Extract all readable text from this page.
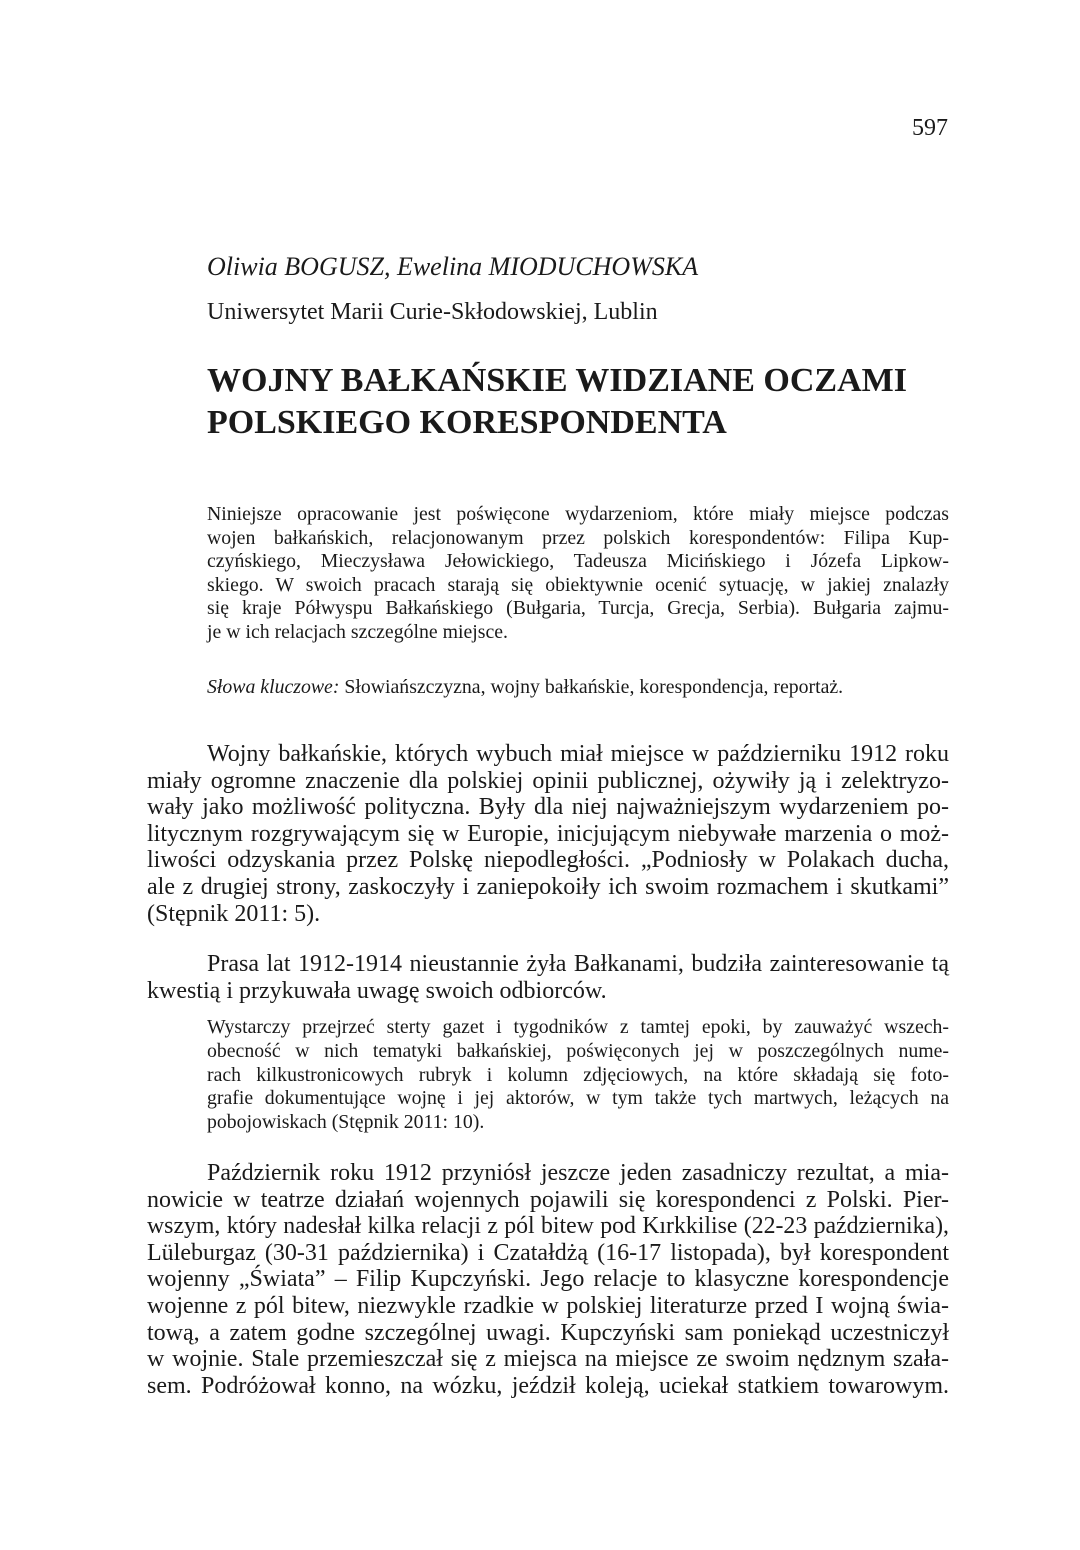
597
Oliwia BOGUSZ, Ewelina MIODUCHOWSKA
Uniwersytet Marii Curie-Skłodowskiej, Lublin
WOJNY BAŁKAŃSKIE WIDZIANE OCZAMI
POLSKIEGO KORESPONDENTA
Niniejsze opracowanie jest poświęcone wydarzeniom, które miały miejsce podczas
wojen bałkańskich, relacjonowanym przez polskich korespondentów: Filipa Kup-
czyńskiego, Mieczysława Jełowickiego, Tadeusza Micińskiego i Józefa Lipkow-
skiego. W swoich pracach starają się obiektywnie ocenić sytuację, w jakiej znalazły
się kraje Półwyspu Bałkańskiego (Bułgaria, Turcja, Grecja, Serbia). Bułgaria zajmu-
je w ich relacjach szczególne miejsce.
Słowa kluczowe: Słowiańszczyzna, wojny bałkańskie, korespondencja, reportaż.
Wojny bałkańskie, których wybuch miał miejsce w październiku 1912 roku
miały ogromne znaczenie dla polskiej opinii publicznej, ożywiły ją i zelektryzo-
wały jako możliwość polityczna. Były dla niej najważniejszym wydarzeniem po-
litycznym rozgrywającym się w Europie, inicjującym niebywałe marzenia o moż-
liwości odzyskania przez Polskę niepodległości. „Podniosły w Polakach ducha,
ale z drugiej strony, zaskoczyły i zaniepokoiły ich swoim rozmachem i skutkami”
(Stępnik 2011: 5).
Prasa lat 1912-1914 nieustannie żyła Bałkanami, budziła zainteresowanie tą
kwestią i przykuwała uwagę swoich odbiorców.
Wystarczy przejrzeć sterty gazet i tygodników z tamtej epoki, by zauważyć wszech-
obecność w nich tematyki bałkańskiej, poświęconych jej w poszczególnych nume-
rach kilkustronicowych rubryk i kolumn zdjęciowych, na które składają się foto-
grafie dokumentujące wojnę i jej aktorów, w tym także tych martwych, leżących na
pobojowiskach (Stępnik 2011: 10).
Październik roku 1912 przyniósł jeszcze jeden zasadniczy rezultat, a mia-
nowicie w teatrze działań wojennych pojawili się korespondenci z Polski. Pier-
wszym, który nadesłał kilka relacji z pól bitew pod Kırkkilise (22-23 października),
Lüleburgaz (30-31 października) i Czatałdżą (16-17 listopada), był korespondent
wojenny „Świata” – Filip Kupczyński. Jego relacje to klasyczne korespondencje
wojenne z pól bitew, niezwykle rzadkie w polskiej literaturze przed I wojną świa-
tową, a zatem godne szczególnej uwagi. Kupczyński sam poniekąd uczestniczył
w wojnie. Stale przemieszczał się z miejsca na miejsce ze swoim nędznym szała-
sem. Podróżował konno, na wózku, jeździł koleją, uciekał statkiem towarowym.
